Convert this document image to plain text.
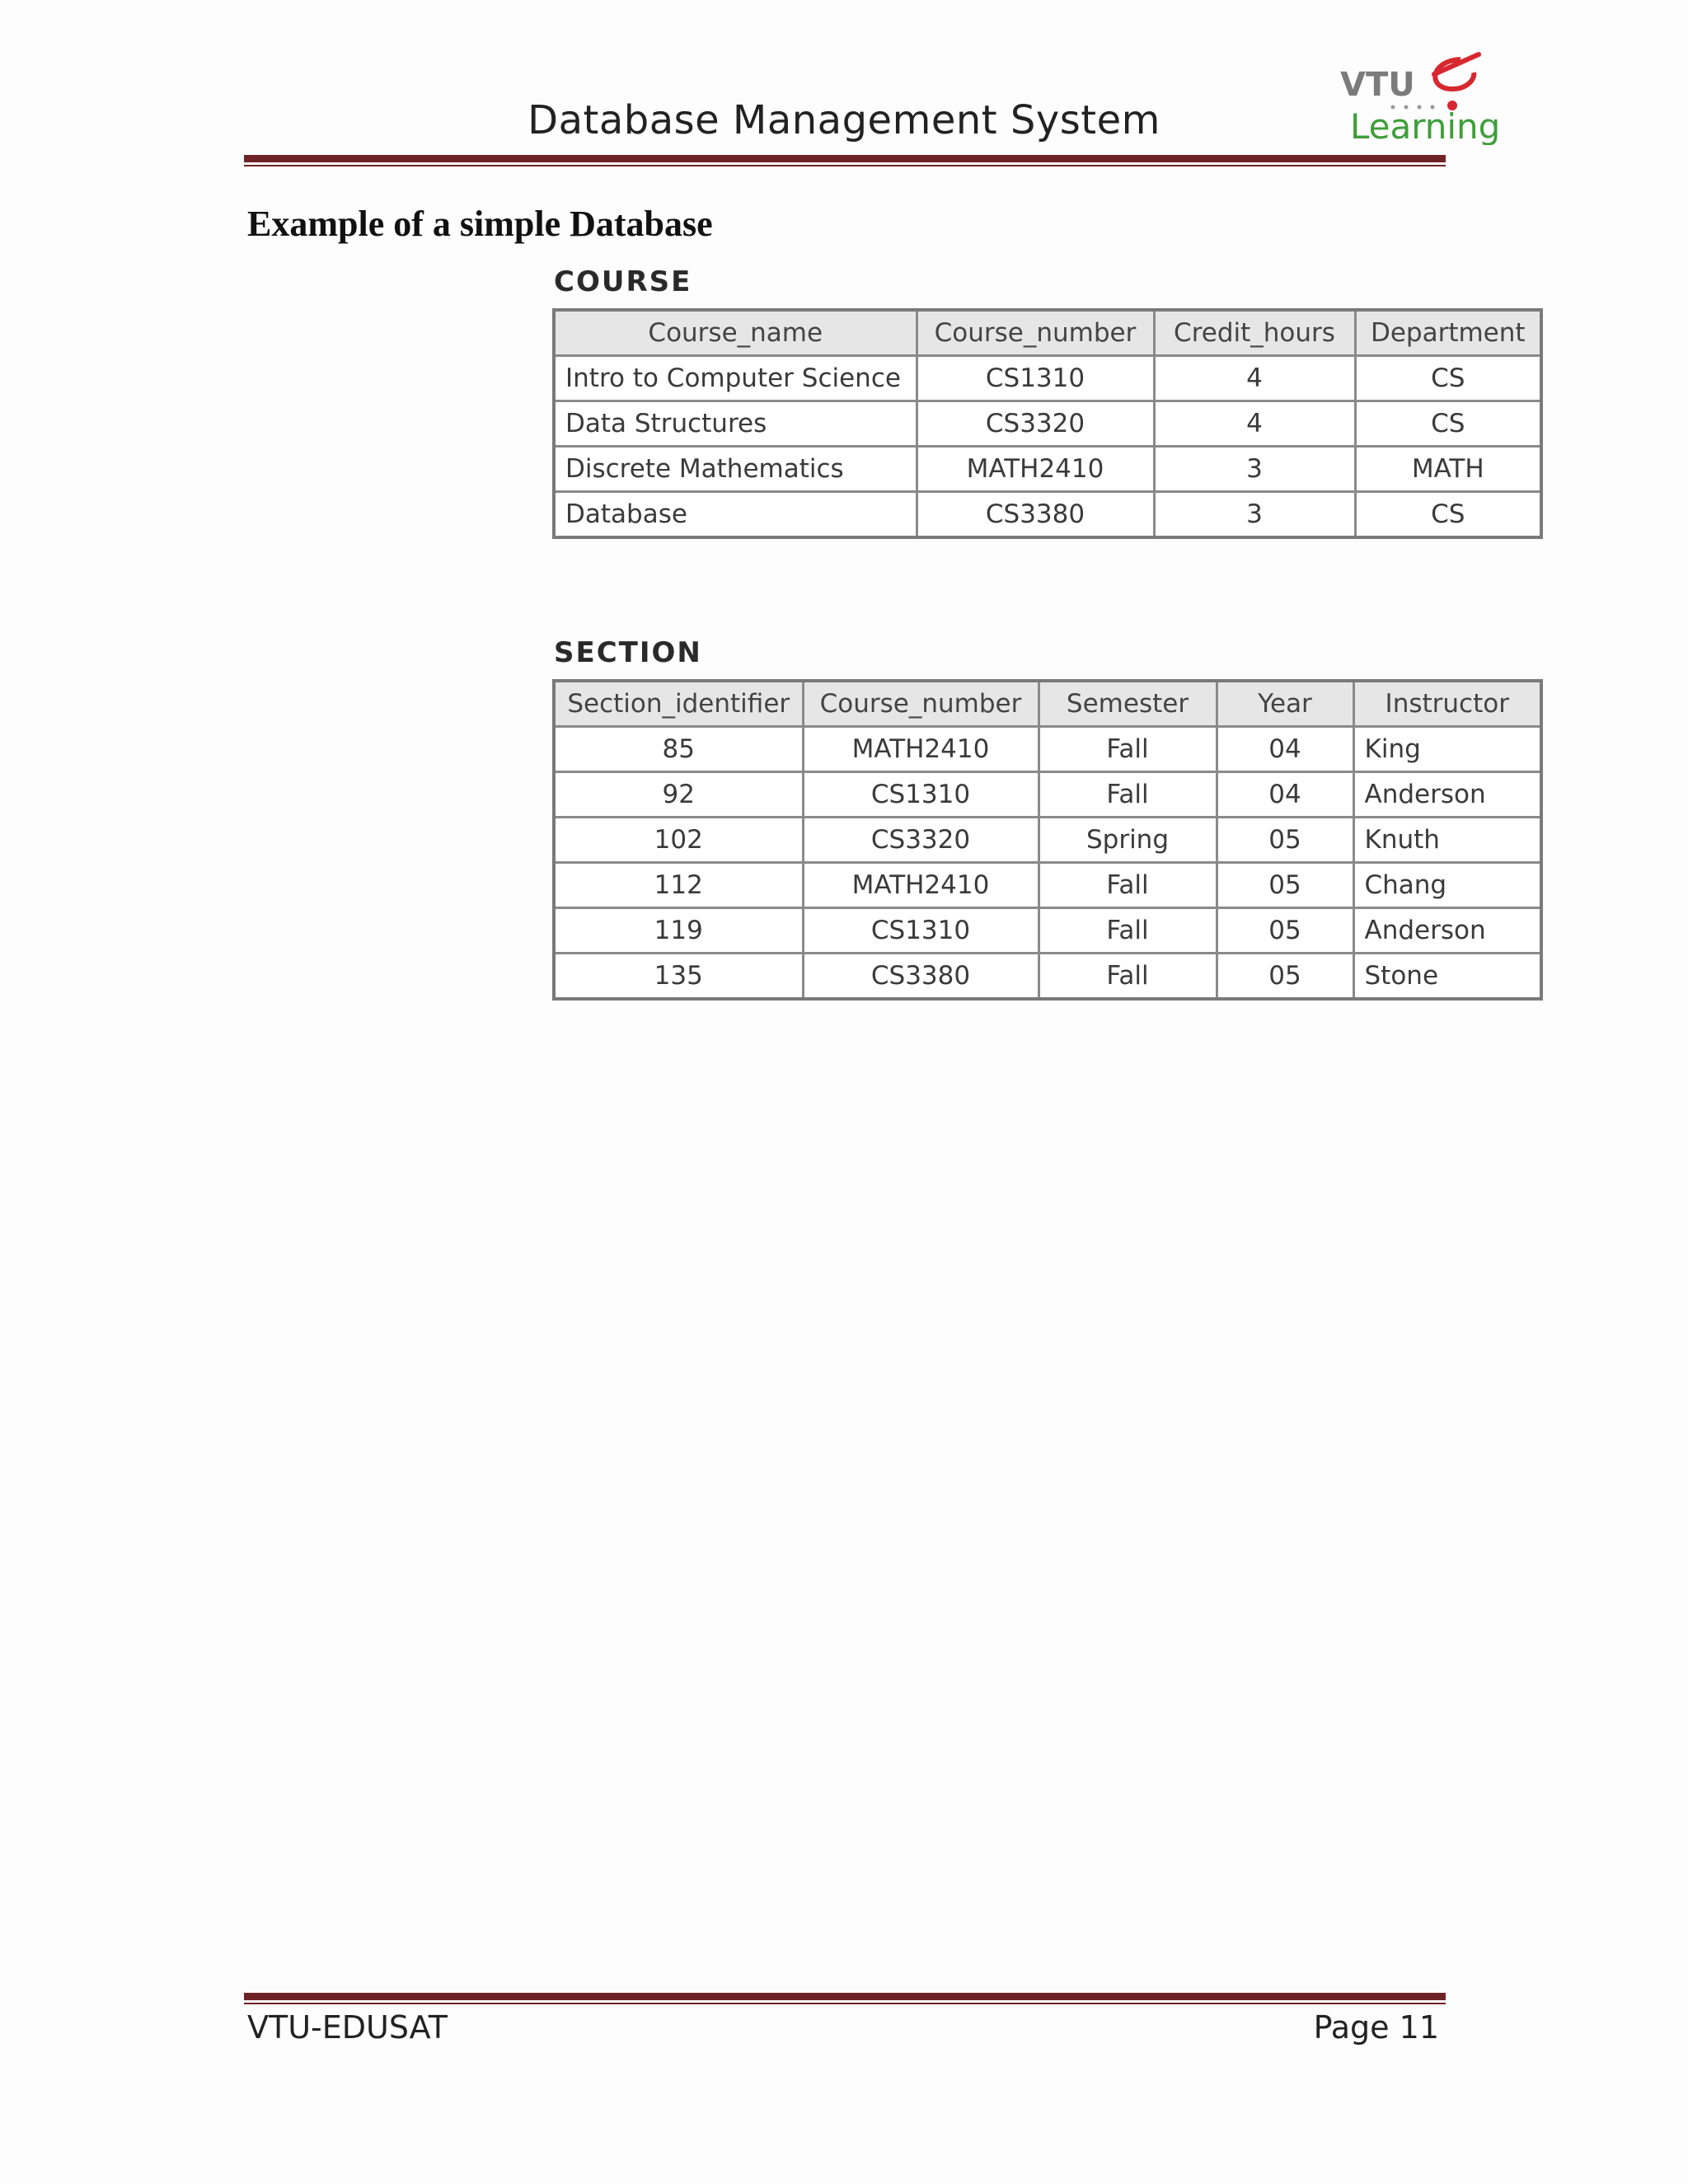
Database Management System
VTU
Learning
Example of a simple Database
COURSE
Course_name	Course_number	Credit_hours	Department
Intro to Computer Science	CS1310	4	CS
Data Structures	CS3320	4	CS
Discrete Mathematics	MATH2410	3	MATH
Database	CS3380	3	CS
SECTION
Section_identifier	Course_number	Semester	Year	Instructor
85	MATH2410	Fall	04	King
92	CS1310	Fall	04	Anderson
102	CS3320	Spring	05	Knuth
112	MATH2410	Fall	05	Chang
119	CS1310	Fall	05	Anderson
135	CS3380	Fall	05	Stone
VTU-EDUSAT	Page 11
